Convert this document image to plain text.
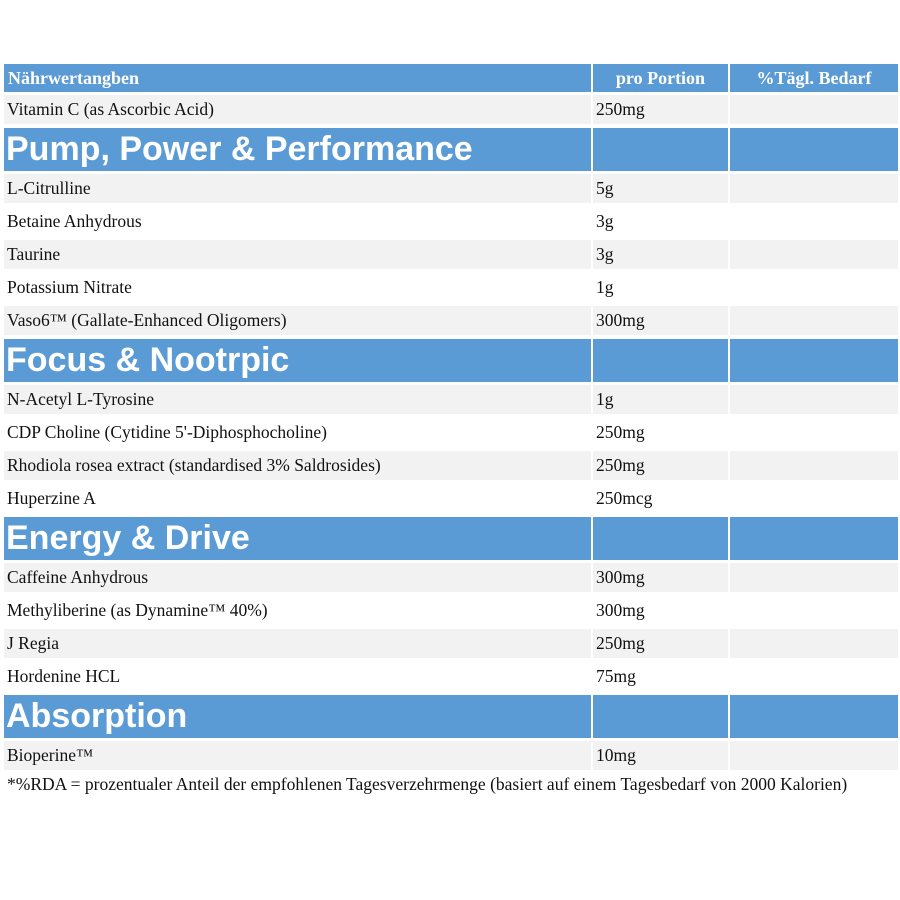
Nährwertangben	pro Portion	%Tägl. Bedarf
Vitamin C (as Ascorbic Acid)	250mg
Pump, Power & Performance
L-Citrulline	5g
Betaine Anhydrous	3g
Taurine	3g
Potassium Nitrate	1g
Vaso6™ (Gallate-Enhanced Oligomers)	300mg
Focus & Nootrpic
N-Acetyl L-Tyrosine	1g
CDP Choline (Cytidine 5'-Diphosphocholine)	250mg
Rhodiola rosea extract (standardised 3% Saldrosides)	250mg
Huperzine A	250mcg
Energy & Drive
Caffeine Anhydrous	300mg
Methyliberine (as Dynamine™ 40%)	300mg
J Regia	250mg
Hordenine HCL	75mg
Absorption
Bioperine™	10mg
*%RDA = prozentualer Anteil der empfohlenen Tagesverzehrmenge (basiert auf einem Tagesbedarf von 2000 Kalorien)
